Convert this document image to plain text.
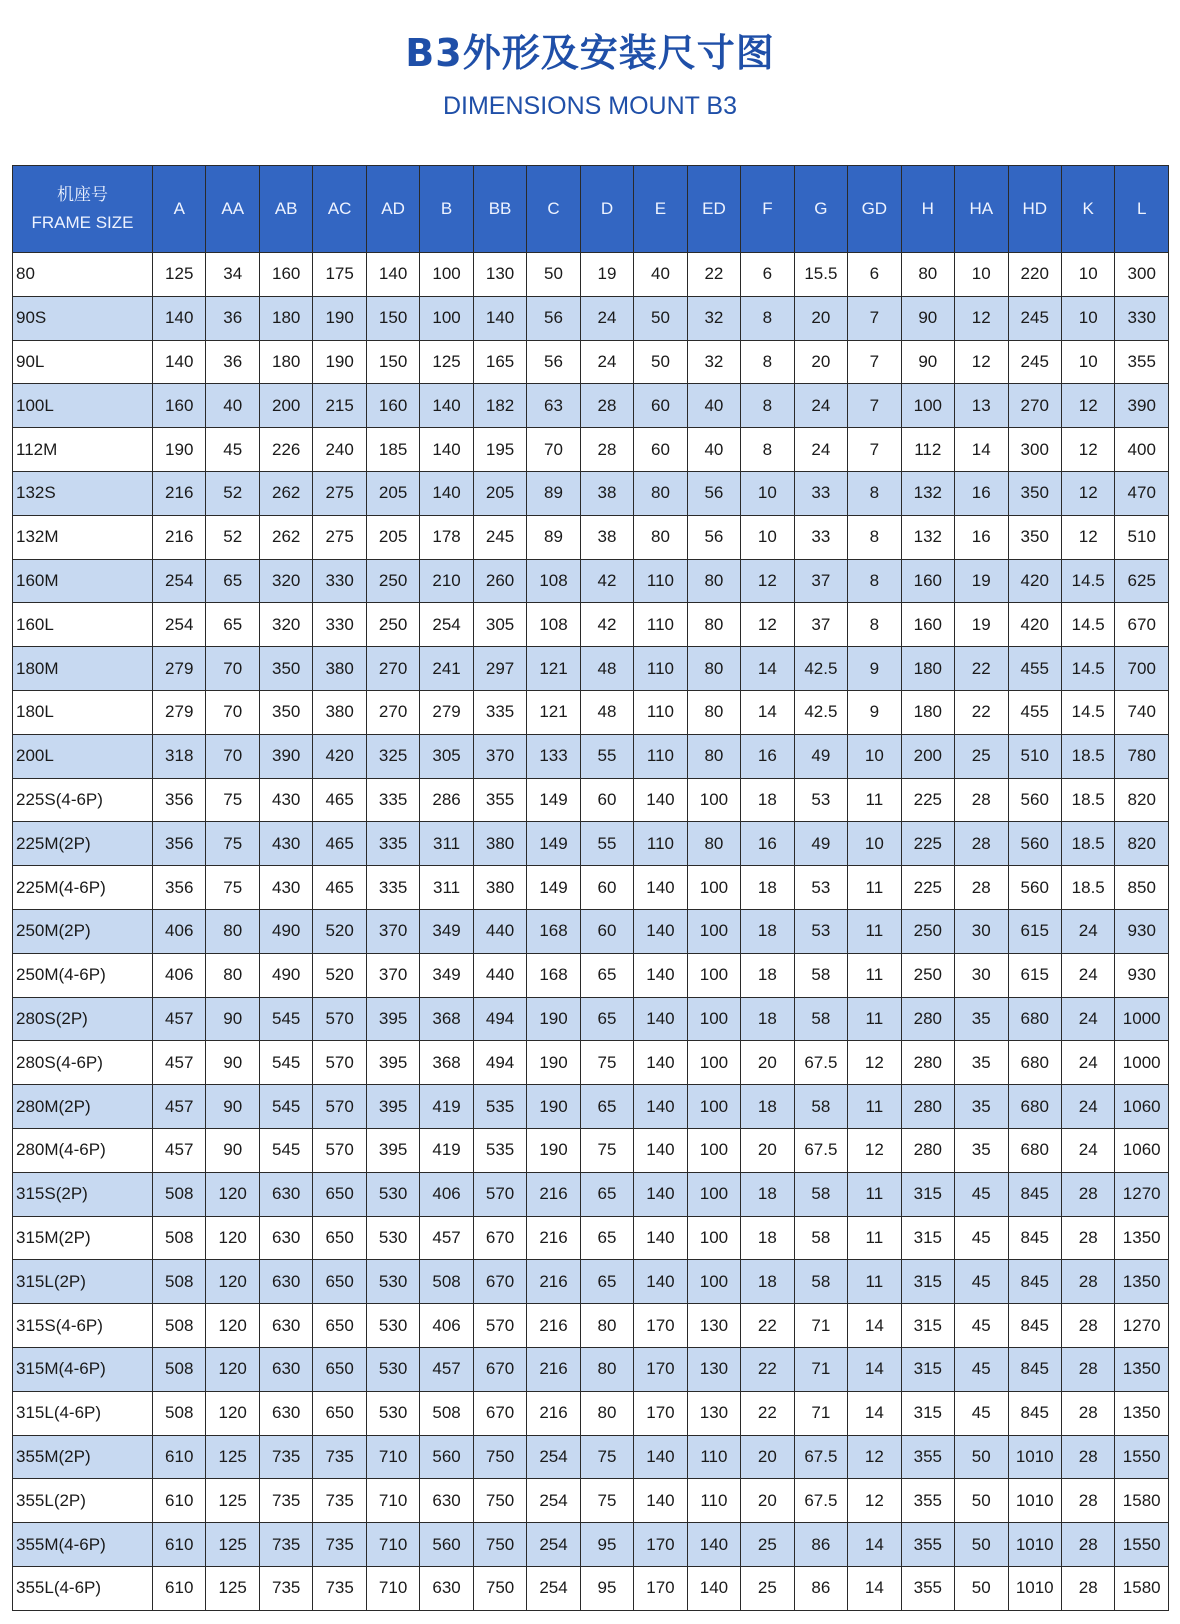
B3外形及安装尺寸图
DIMENSIONS MOUNT B3
机座号
FRAME SIZE	A	AA	AB	AC	AD	B	BB	C	D	E	ED	F	G	GD	H	HA	HD	K	L
80	125	34	160	175	140	100	130	50	19	40	22	6	15.5	6	80	10	220	10	300
90S	140	36	180	190	150	100	140	56	24	50	32	8	20	7	90	12	245	10	330
90L	140	36	180	190	150	125	165	56	24	50	32	8	20	7	90	12	245	10	355
100L	160	40	200	215	160	140	182	63	28	60	40	8	24	7	100	13	270	12	390
112M	190	45	226	240	185	140	195	70	28	60	40	8	24	7	112	14	300	12	400
132S	216	52	262	275	205	140	205	89	38	80	56	10	33	8	132	16	350	12	470
132M	216	52	262	275	205	178	245	89	38	80	56	10	33	8	132	16	350	12	510
160M	254	65	320	330	250	210	260	108	42	110	80	12	37	8	160	19	420	14.5	625
160L	254	65	320	330	250	254	305	108	42	110	80	12	37	8	160	19	420	14.5	670
180M	279	70	350	380	270	241	297	121	48	110	80	14	42.5	9	180	22	455	14.5	700
180L	279	70	350	380	270	279	335	121	48	110	80	14	42.5	9	180	22	455	14.5	740
200L	318	70	390	420	325	305	370	133	55	110	80	16	49	10	200	25	510	18.5	780
225S(4-6P)	356	75	430	465	335	286	355	149	60	140	100	18	53	11	225	28	560	18.5	820
225M(2P)	356	75	430	465	335	311	380	149	55	110	80	16	49	10	225	28	560	18.5	820
225M(4-6P)	356	75	430	465	335	311	380	149	60	140	100	18	53	11	225	28	560	18.5	850
250M(2P)	406	80	490	520	370	349	440	168	60	140	100	18	53	11	250	30	615	24	930
250M(4-6P)	406	80	490	520	370	349	440	168	65	140	100	18	58	11	250	30	615	24	930
280S(2P)	457	90	545	570	395	368	494	190	65	140	100	18	58	11	280	35	680	24	1000
280S(4-6P)	457	90	545	570	395	368	494	190	75	140	100	20	67.5	12	280	35	680	24	1000
280M(2P)	457	90	545	570	395	419	535	190	65	140	100	18	58	11	280	35	680	24	1060
280M(4-6P)	457	90	545	570	395	419	535	190	75	140	100	20	67.5	12	280	35	680	24	1060
315S(2P)	508	120	630	650	530	406	570	216	65	140	100	18	58	11	315	45	845	28	1270
315M(2P)	508	120	630	650	530	457	670	216	65	140	100	18	58	11	315	45	845	28	1350
315L(2P)	508	120	630	650	530	508	670	216	65	140	100	18	58	11	315	45	845	28	1350
315S(4-6P)	508	120	630	650	530	406	570	216	80	170	130	22	71	14	315	45	845	28	1270
315M(4-6P)	508	120	630	650	530	457	670	216	80	170	130	22	71	14	315	45	845	28	1350
315L(4-6P)	508	120	630	650	530	508	670	216	80	170	130	22	71	14	315	45	845	28	1350
355M(2P)	610	125	735	735	710	560	750	254	75	140	110	20	67.5	12	355	50	1010	28	1550
355L(2P)	610	125	735	735	710	630	750	254	75	140	110	20	67.5	12	355	50	1010	28	1580
355M(4-6P)	610	125	735	735	710	560	750	254	95	170	140	25	86	14	355	50	1010	28	1550
355L(4-6P)	610	125	735	735	710	630	750	254	95	170	140	25	86	14	355	50	1010	28	1580
